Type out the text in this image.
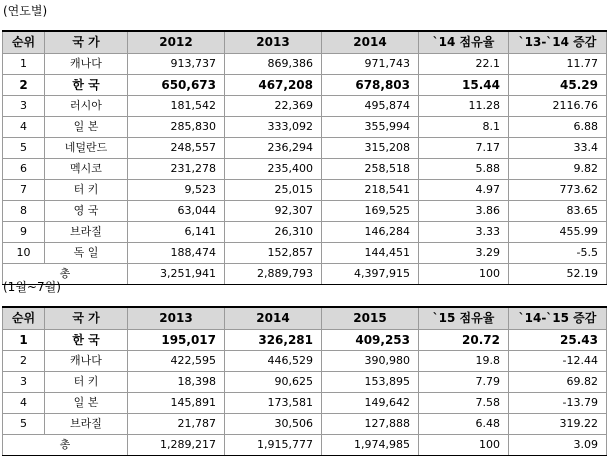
(연도별)
순위	국 가	2012	2013	2014	`14 점유율	`13-`14 증감
1	캐나다	913,737	869,386	971,743	22.1	11.77
2	한 국	650,673	467,208	678,803	15.44	45.29
3	러시아	181,542	22,369	495,874	11.28	2116.76
4	일 본	285,830	333,092	355,994	8.1	6.88
5	네덜란드	248,557	236,294	315,208	7.17	33.4
6	멕시코	231,278	235,400	258,518	5.88	9.82
7	터 키	9,523	25,015	218,541	4.97	773.62
8	영 국	63,044	92,307	169,525	3.86	83.65
9	브라질	6,141	26,310	146,284	3.33	455.99
10	독 일	188,474	152,857	144,451	3.29	-5.5
총		3,251,941	2,889,793	4,397,915	100	52.19
(1월~7월)
순위	국 가	2013	2014	2015	`15 점유율	`14-`15 증감
1	한 국	195,017	326,281	409,253	20.72	25.43
2	캐나다	422,595	446,529	390,980	19.8	-12.44
3	터 키	18,398	90,625	153,895	7.79	69.82
4	일 본	145,891	173,581	149,642	7.58	-13.79
5	브라질	21,787	30,506	127,888	6.48	319.22
총		1,289,217	1,915,777	1,974,985	100	3.09
